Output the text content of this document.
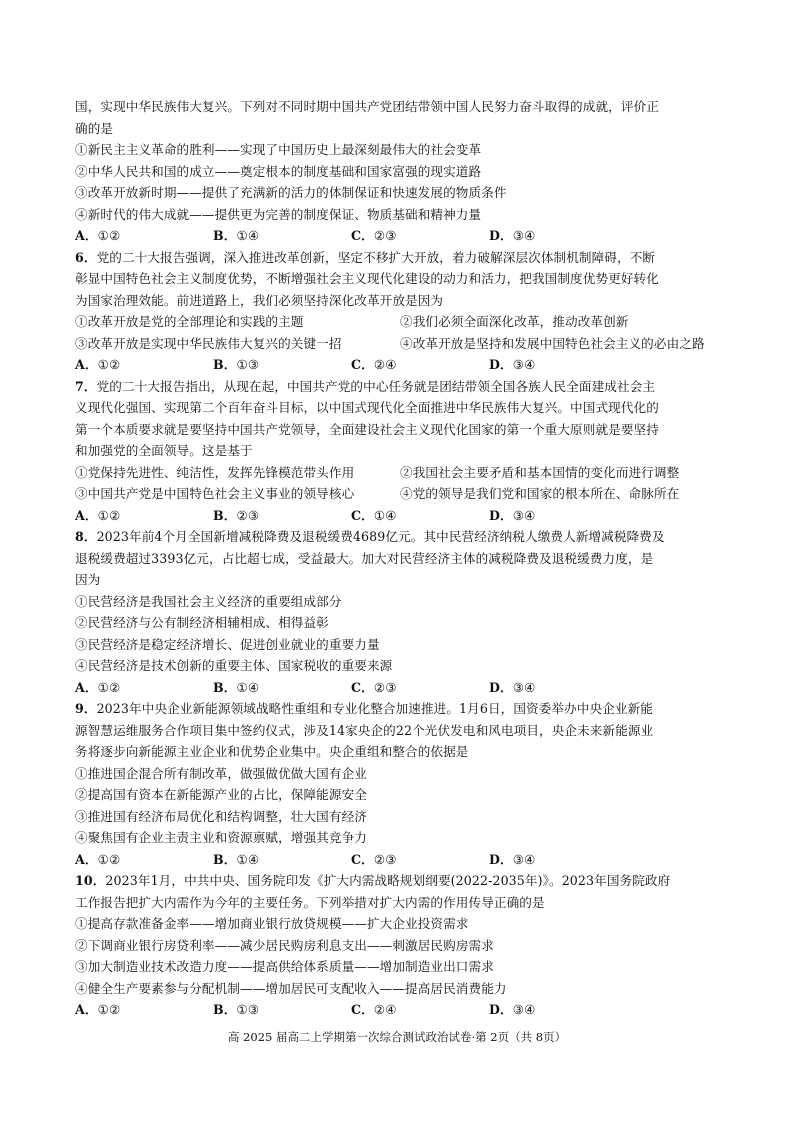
国，实现中华民族伟大复兴。下列对不同时期中国共产党团结带领中国人民努力奋斗取得的成就，评价正
确的是
①新民主主义革命的胜利——实现了中国历史上最深刻最伟大的社会变革
②中华人民共和国的成立——奠定根本的制度基础和国家富强的现实道路
③改革开放新时期——提供了充满新的活力的体制保证和快速发展的物质条件
④新时代的伟大成就——提供更为完善的制度保证、物质基础和精神力量
A．①②	B．①④	C．②③	D．③④
6．党的二十大报告强调，深入推进改革创新，坚定不移扩大开放，着力破解深层次体制机制障碍，不断
彰显中国特色社会主义制度优势，不断增强社会主义现代化建设的动力和活力，把我国制度优势更好转化
为国家治理效能。前进道路上，我们必须坚持深化改革开放是因为
①改革开放是党的全部理论和实践的主题	②我们必须全面深化改革，推动改革创新
③改革开放是实现中华民族伟大复兴的关键一招	④改革开放是坚持和发展中国特色社会主义的必由之路
A．①②	B．①③	C．②④	D．③④
7．党的二十大报告指出，从现在起，中国共产党的中心任务就是团结带领全国各族人民全面建成社会主
义现代化强国、实现第二个百年奋斗目标，以中国式现代化全面推进中华民族伟大复兴。中国式现代化的
第一个本质要求就是要坚持中国共产党领导，全面建设社会主义现代化国家的第一个重大原则就是要坚持
和加强党的全面领导。这是基于
①党保持先进性、纯洁性，发挥先锋模范带头作用	②我国社会主要矛盾和基本国情的变化而进行调整
③中国共产党是中国特色社会主义事业的领导核心	④党的领导是我们党和国家的根本所在、命脉所在
A．①②	B．②③	C．①④	D．③④
8．2023年前4个月全国新增减税降费及退税缓费4689亿元。其中民营经济纳税人缴费人新增减税降费及
退税缓费超过3393亿元，占比超七成，受益最大。加大对民营经济主体的减税降费及退税缓费力度，是
因为
①民营经济是我国社会主义经济的重要组成部分
②民营经济与公有制经济相辅相成、相得益彰
③民营经济是稳定经济增长、促进创业就业的重要力量
④民营经济是技术创新的重要主体、国家税收的重要来源
A．①②	B．①④	C．②③	D．③④
9．2023年中央企业新能源领域战略性重组和专业化整合加速推进。1月6日，国资委举办中央企业新能
源智慧运维服务合作项目集中签约仪式，涉及14家央企的22个光伏发电和风电项目，央企未来新能源业
务将逐步向新能源主业企业和优势企业集中。央企重组和整合的依据是
①推进国企混合所有制改革，做强做优做大国有企业
②提高国有资本在新能源产业的占比，保障能源安全
③推进国有经济布局优化和结构调整，壮大国有经济
④聚焦国有企业主责主业和资源禀赋，增强其竞争力
A．①②	B．①④	C．②③	D．③④
10．2023年1月，中共中央、国务院印发《扩大内需战略规划纲要(2022-2035年)》。2023年国务院政府
工作报告把扩大内需作为今年的主要任务。下列举措对扩大内需的作用传导正确的是
①提高存款准备金率——增加商业银行放贷规模——扩大企业投资需求
②下调商业银行房贷利率——减少居民购房利息支出——刺激居民购房需求
③加大制造业技术改造力度——提高供给体系质量——增加制造业出口需求
④健全生产要素参与分配机制——增加居民可支配收入——提高居民消费能力
A．①②	B．①③	C．②④	D．③④
高 2025 届高二上学期第一次综合测试政治试卷·第 2页（共 8页）
